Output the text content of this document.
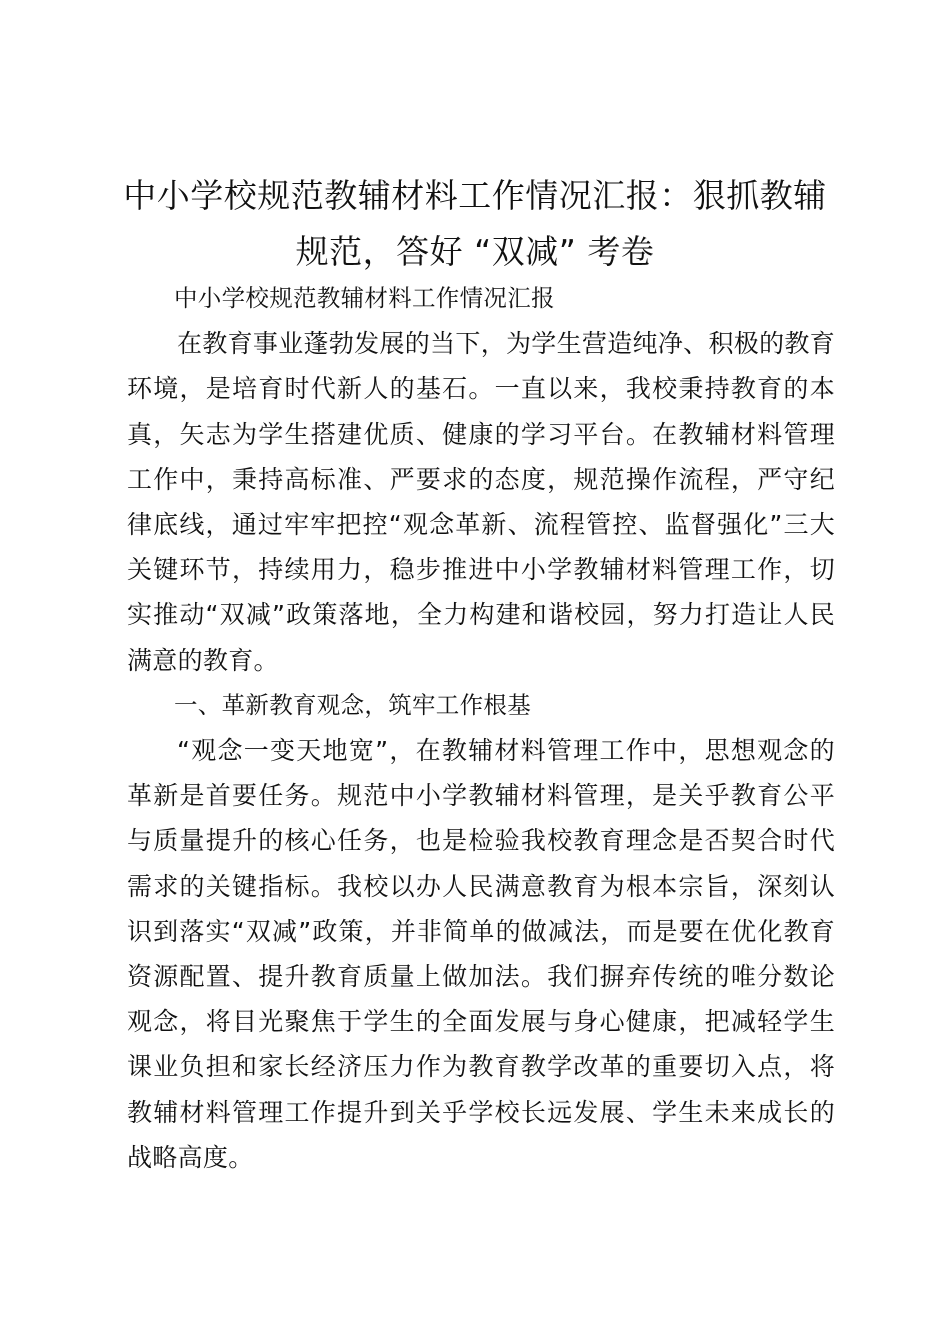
中小学校规范教辅材料工作情况汇报：狠抓教辅规范，答好 “双减” 考卷

中小学校规范教辅材料工作情况汇报

在教育事业蓬勃发展的当下，为学生营造纯净、积极的教育环境，是培育时代新人的基石。一直以来，我校秉持教育的本真，矢志为学生搭建优质、健康的学习平台。在教辅材料管理工作中，秉持高标准、严要求的态度，规范操作流程，严守纪律底线，通过牢牢把控“观念革新、流程管控、监督强化”三大关键环节，持续用力，稳步推进中小学教辅材料管理工作，切实推动“双减”政策落地，全力构建和谐校园，努力打造让人民满意的教育。

一、革新教育观念，筑牢工作根基

“观念一变天地宽”，在教辅材料管理工作中，思想观念的革新是首要任务。规范中小学教辅材料管理，是关乎教育公平与质量提升的核心任务，也是检验我校教育理念是否契合时代需求的关键指标。我校以办人民满意教育为根本宗旨，深刻认识到落实“双减”政策，并非简单的做减法，而是要在优化教育资源配置、提升教育质量上做加法。我们摒弃传统的唯分数论观念，将目光聚焦于学生的全面发展与身心健康，把减轻学生课业负担和家长经济压力作为教育教学改革的重要切入点，将教辅材料管理工作提升到关乎学校长远发展、学生未来成长的战略高度。
